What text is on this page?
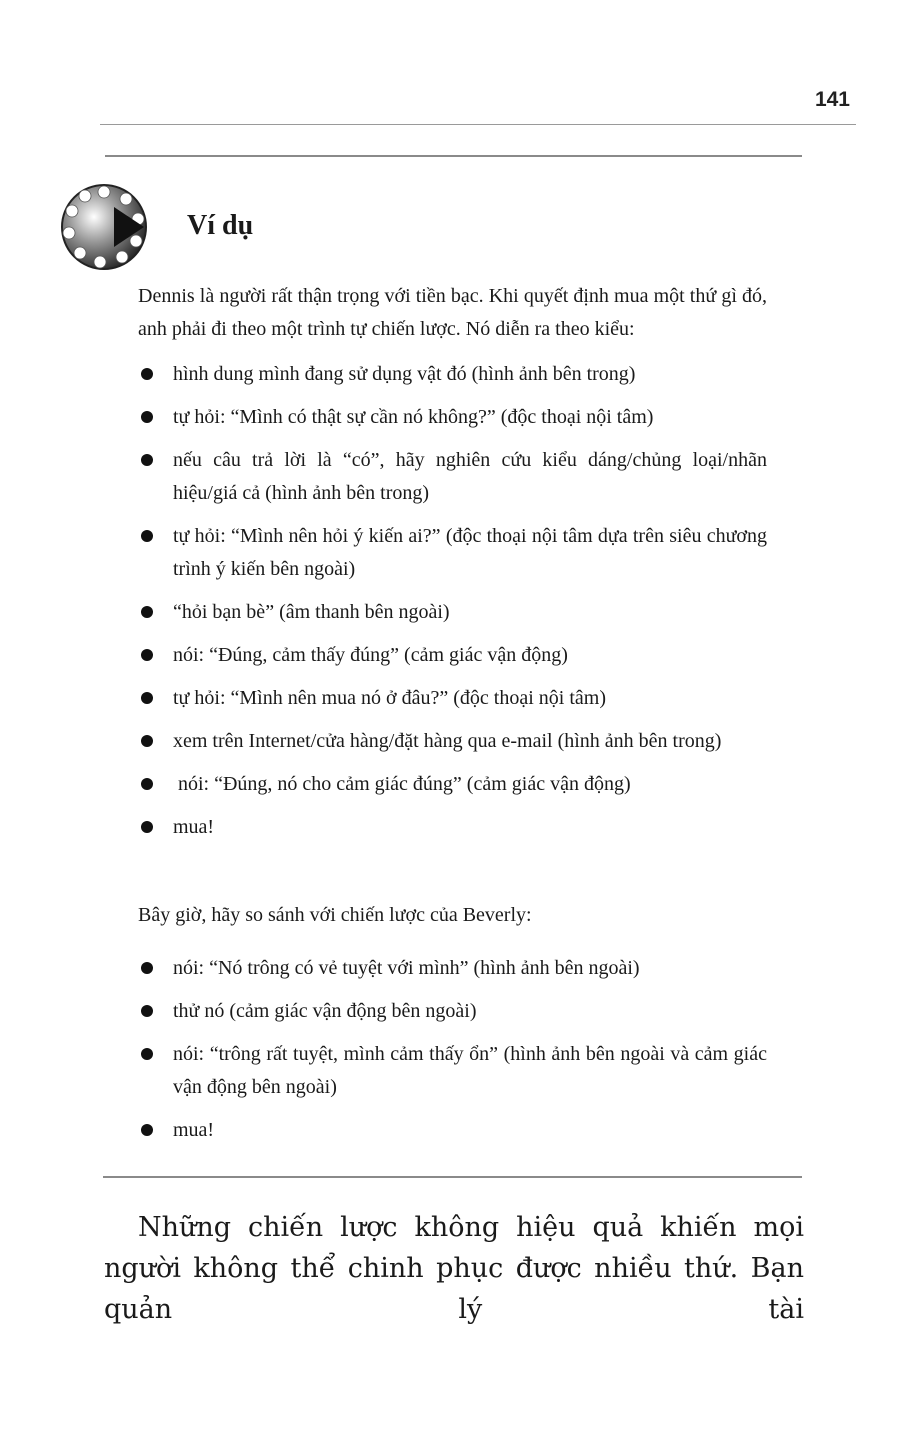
141
Ví dụ

Dennis là người rất thận trọng với tiền bạc. Khi quyết định mua một thứ gì đó, anh phải đi theo một trình tự chiến lược. Nó diễn ra theo kiểu:

hình dung mình đang sử dụng vật đó (hình ảnh bên trong)
tự hỏi: “Mình có thật sự cần nó không?” (độc thoại nội tâm)
nếu câu trả lời là “có”, hãy nghiên cứu kiểu dáng/chủng loại/nhãn hiệu/giá cả (hình ảnh bên trong)
tự hỏi: “Mình nên hỏi ý kiến ai?” (độc thoại nội tâm dựa trên siêu chương trình ý kiến bên ngoài)
“hỏi bạn bè” (âm thanh bên ngoài)
nói: “Đúng, cảm thấy đúng” (cảm giác vận động)
tự hỏi: “Mình nên mua nó ở đâu?” (độc thoại nội tâm)
xem trên Internet/cửa hàng/đặt hàng qua e-mail (hình ảnh bên trong)
nói: “Đúng, nó cho cảm giác đúng” (cảm giác vận động)
mua!

Bây giờ, hãy so sánh với chiến lược của Beverly:

nói: “Nó trông có vẻ tuyệt với mình” (hình ảnh bên ngoài)
thử nó (cảm giác vận động bên ngoài)
nói: “trông rất tuyệt, mình cảm thấy ổn” (hình ảnh bên ngoài và cảm giác vận động bên ngoài)
mua!

Những chiến lược không hiệu quả khiến mọi người không thể chinh phục được nhiều thứ. Bạn quản lý tài
